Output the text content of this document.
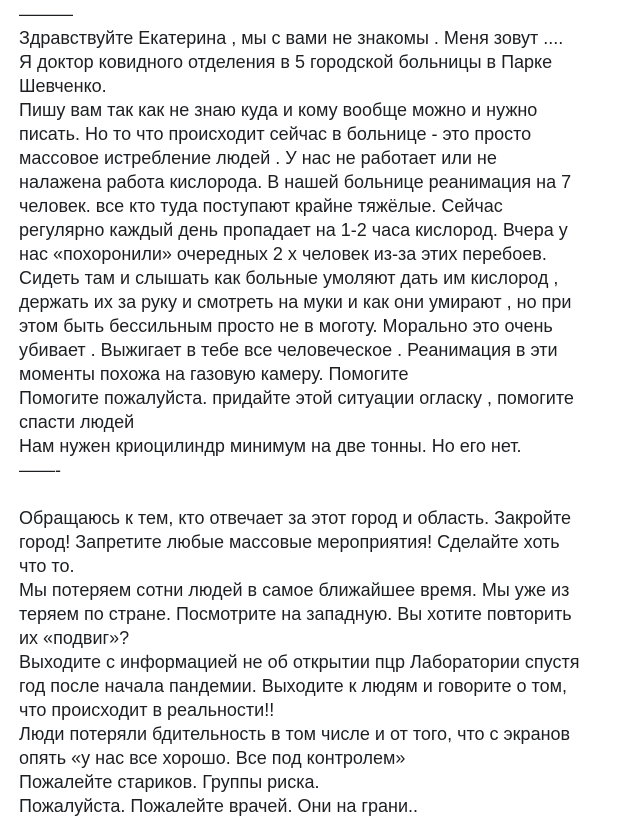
———
Здравствуйте Екатерина , мы с вами не знакомы . Меня зовут ....
Я доктор ковидного отделения в 5 городской больницы в Парке
Шевченко.
Пишу вам так как не знаю куда и кому вообще можно и нужно
писать. Но то что происходит сейчас в больнице - это просто
массовое истребление людей . У нас не работает или не
налажена работа кислорода. В нашей больнице реанимация на 7
человек. все кто туда поступают крайне тяжёлые. Сейчас
регулярно каждый день пропадает на 1-2 часа кислород. Вчера у
нас «похоронили» очередных 2 х человек из-за этих перебоев.
Сидеть там и слышать как больные умоляют дать им кислород ,
держать их за руку и смотреть на муки и как они умирают , но при
этом быть бессильным просто не в моготу. Морально это очень
убивает . Выжигает в тебе все человеческое . Реанимация в эти
моменты похожа на газовую камеру. Помогите
Помогите пожалуйста. придайте этой ситуации огласку , помогите
спасти людей
Нам нужен криоцилиндр минимум на две тонны. Но его нет.
——-
Обращаюсь к тем, кто отвечает за этот город и область. Закройте
город! Запретите любые массовые мероприятия! Сделайте хоть
что то.
Мы потеряем сотни людей в самое ближайшее время. Мы уже из
теряем по стране. Посмотрите на западную. Вы хотите повторить
их «подвиг»?
Выходите с информацией не об открытии пцр Лаборатории спустя
год после начала пандемии. Выходите к людям и говорите о том,
что происходит в реальности!!
Люди потеряли бдительность в том числе и от того, что с экранов
опять «у нас все хорошо. Все под контролем»
Пожалейте стариков. Группы риска.
Пожалуйста. Пожалейте врачей. Они на грани..
